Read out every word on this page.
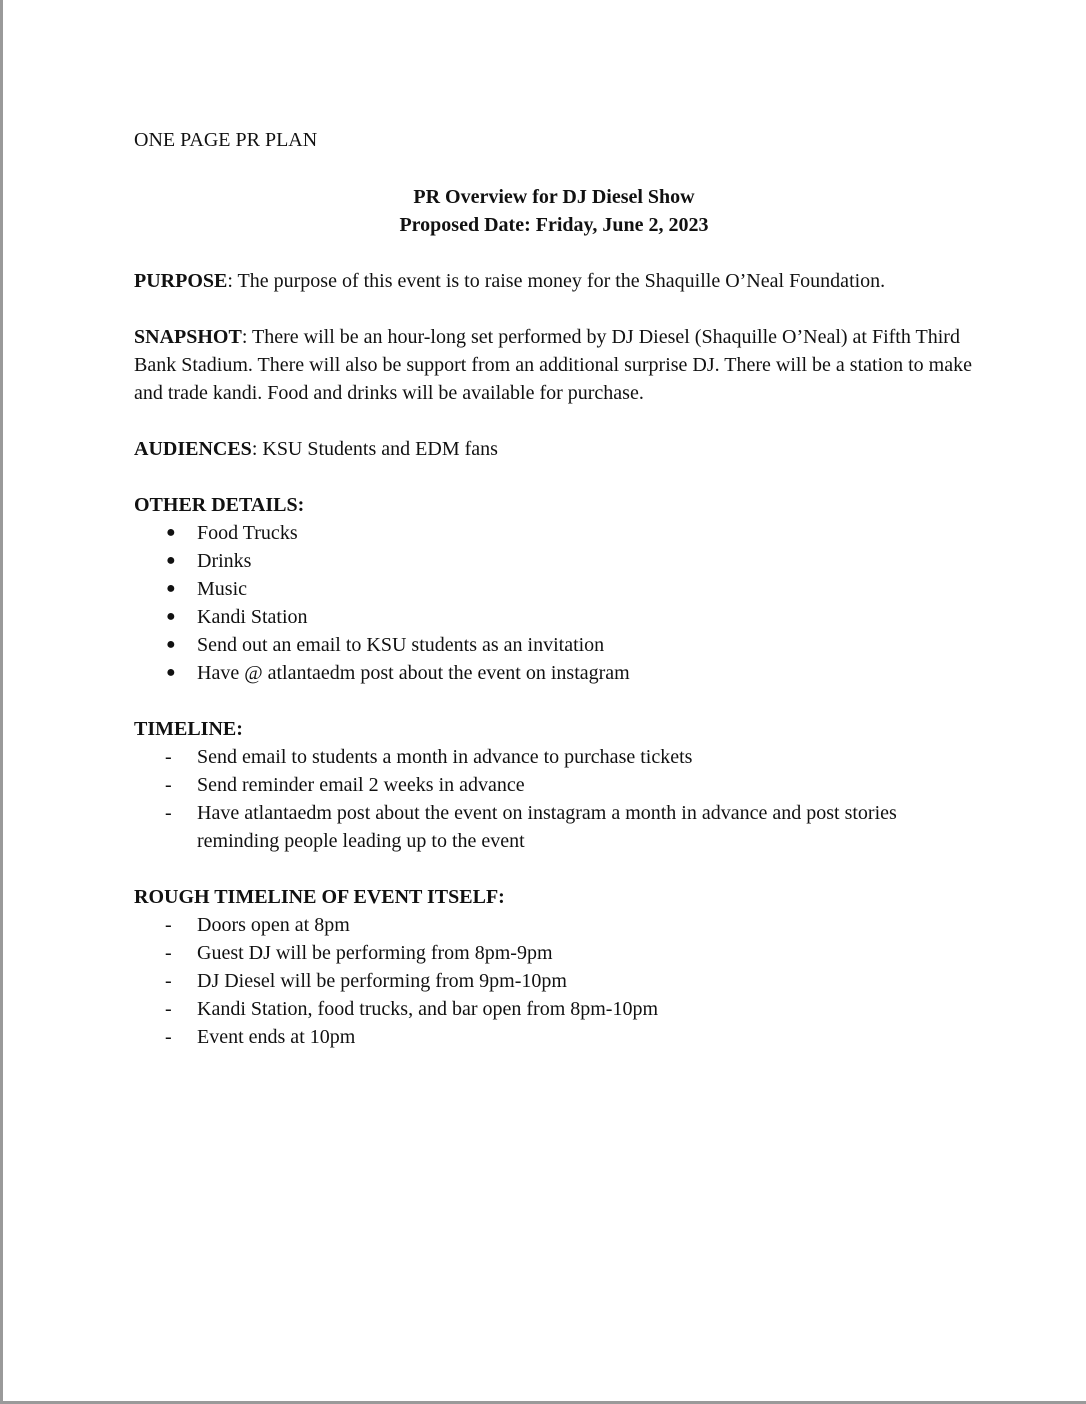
ONE PAGE PR PLAN

PR Overview for DJ Diesel Show
Proposed Date: Friday, June 2, 2023

PURPOSE: The purpose of this event is to raise money for the Shaquille O’Neal Foundation.

SNAPSHOT: There will be an hour-long set performed by DJ Diesel (Shaquille O’Neal) at Fifth Third Bank Stadium. There will also be support from an additional surprise DJ. There will be a station to make and trade kandi. Food and drinks will be available for purchase.

AUDIENCES: KSU Students and EDM fans

OTHER DETAILS:
● Food Trucks
● Drinks
● Music
● Kandi Station
● Send out an email to KSU students as an invitation
● Have @ atlantaedm post about the event on instagram
TIMELINE:
- Send email to students a month in advance to purchase tickets
- Send reminder email 2 weeks in advance
- Have atlantaedm post about the event on instagram a month in advance and post stories reminding people leading up to the event
ROUGH TIMELINE OF EVENT ITSELF:
- Doors open at 8pm
- Guest DJ will be performing from 8pm-9pm
- DJ Diesel will be performing from 9pm-10pm
- Kandi Station, food trucks, and bar open from 8pm-10pm
- Event ends at 10pm
